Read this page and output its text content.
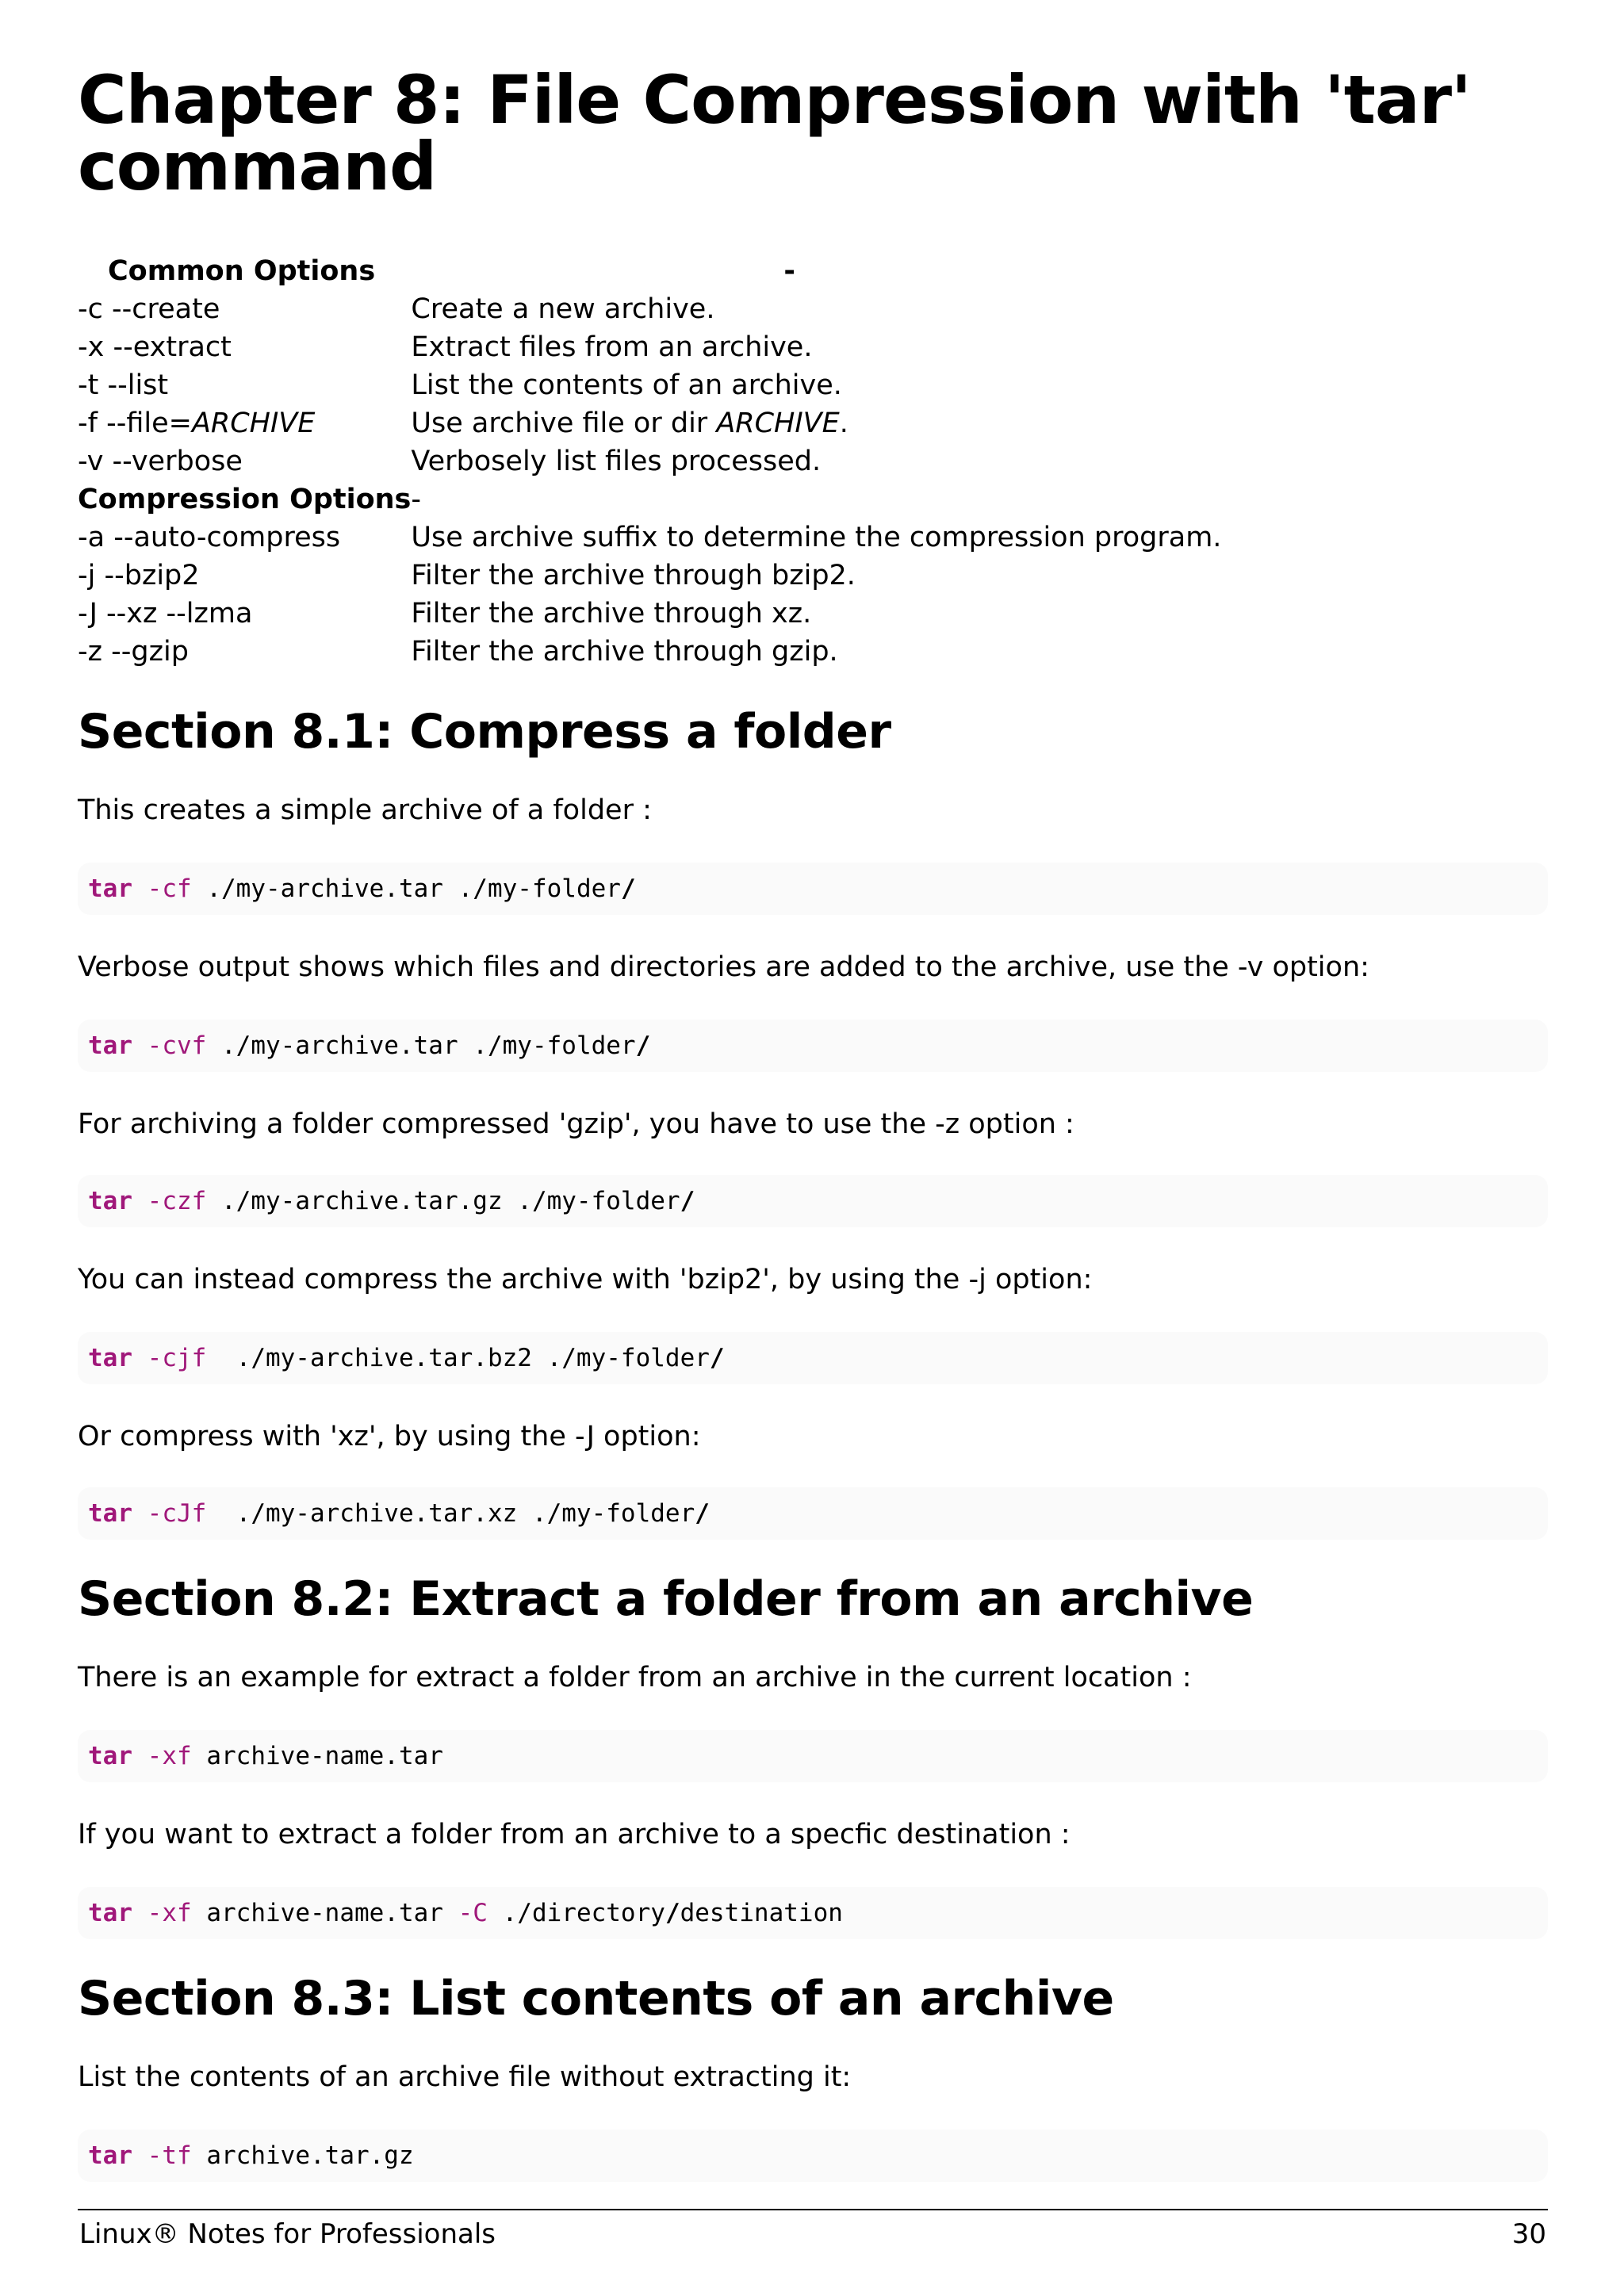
Chapter 8: File Compression with 'tar' command
Common Options	-
-c --create	Create a new archive.
-x --extract	Extract files from an archive.
-t --list	List the contents of an archive.
-f --file=ARCHIVE	Use archive file or dir ARCHIVE.
-v --verbose	Verbosely list files processed.
Compression Options	-
-a --auto-compress	Use archive suffix to determine the compression program.
-j --bzip2	Filter the archive through bzip2.
-J --xz --lzma	Filter the archive through xz.
-z --gzip	Filter the archive through gzip.
Section 8.1: Compress a folder

This creates a simple archive of a folder :

tar -cf ./my-archive.tar ./my-folder/

Verbose output shows which files and directories are added to the archive, use the -v option:

tar -cvf ./my-archive.tar ./my-folder/

For archiving a folder compressed 'gzip', you have to use the -z option :

tar -czf ./my-archive.tar.gz ./my-folder/

You can instead compress the archive with 'bzip2', by using the -j option:

tar -cjf  ./my-archive.tar.bz2 ./my-folder/

Or compress with 'xz', by using the -J option:

tar -cJf  ./my-archive.tar.xz ./my-folder/
Section 8.2: Extract a folder from an archive

There is an example for extract a folder from an archive in the current location :

tar -xf archive-name.tar

If you want to extract a folder from an archive to a specfic destination :

tar -xf archive-name.tar -C ./directory/destination
Section 8.3: List contents of an archive

List the contents of an archive file without extracting it:

tar -tf archive.tar.gz
Linux® Notes for Professionals	30
